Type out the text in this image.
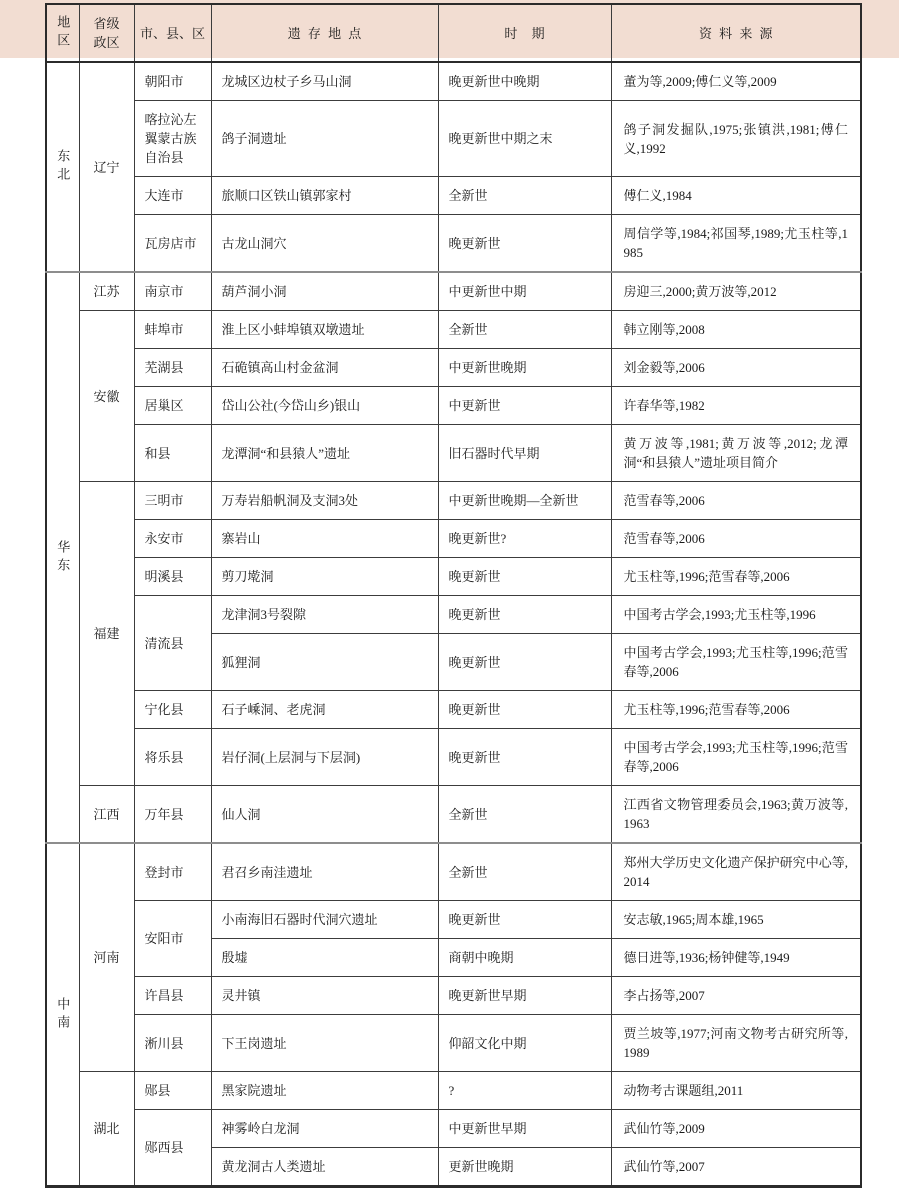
地区	省级政区	市、县、区	遗存地点	时期	资料来源
东北	辽宁	朝阳市	龙城区边杖子乡马山洞	晚更新世中晚期	董为等,2009;傅仁义等,2009
		喀拉沁左翼蒙古族自治县	鸽子洞遗址	晚更新世中期之末	鸽子洞发掘队,1975;张镇洪,1981;傅仁义,1992
		大连市	旅顺口区铁山镇郭家村	全新世	傅仁义,1984
		瓦房店市	古龙山洞穴	晚更新世	周信学等,1984;祁国琴,1989;尤玉柱等,1985
华东	江苏	南京市	葫芦洞小洞	中更新世中期	房迎三,2000;黄万波等,2012
	安徽	蚌埠市	淮上区小蚌埠镇双墩遗址	全新世	韩立刚等,2008
		芜湖县	石硊镇高山村金盆洞	中更新世晚期	刘金毅等,2006
		居巢区	岱山公社(今岱山乡)银山	中更新世	许春华等,1982
		和县	龙潭洞“和县猿人”遗址	旧石器时代早期	黄万波等,1981;黄万波等,2012;龙潭洞“和县猿人”遗址项目简介
	福建	三明市	万寿岩船帆洞及支洞3处	中更新世晚期—全新世	范雪春等,2006
		永安市	寨岩山	晚更新世?	范雪春等,2006
		明溪县	剪刀墘洞	晚更新世	尤玉柱等,1996;范雪春等,2006
		清流县	龙津洞3号裂隙	晚更新世	中国考古学会,1993;尤玉柱等,1996
			狐狸洞	晚更新世	中国考古学会,1993;尤玉柱等,1996;范雪春等,2006
		宁化县	石子嵊洞、老虎洞	晚更新世	尤玉柱等,1996;范雪春等,2006
		将乐县	岩仔洞(上层洞与下层洞)	晚更新世	中国考古学会,1993;尤玉柱等,1996;范雪春等,2006
	江西	万年县	仙人洞	全新世	江西省文物管理委员会,1963;黄万波等,1963
中南	河南	登封市	君召乡南洼遗址	全新世	郑州大学历史文化遗产保护研究中心等,2014
		安阳市	小南海旧石器时代洞穴遗址	晚更新世	安志敏,1965;周本雄,1965
			殷墟	商朝中晚期	德日进等,1936;杨钟健等,1949
		许昌县	灵井镇	晚更新世早期	李占扬等,2007
		淅川县	下王岗遗址	仰韶文化中期	贾兰坡等,1977;河南文物考古研究所等,1989
	湖北	郧县	黑家院遗址	?	动物考古课题组,2011
		郧西县	神雾岭白龙洞	中更新世早期	武仙竹等,2009
			黄龙洞古人类遗址	更新世晚期	武仙竹等,2007
